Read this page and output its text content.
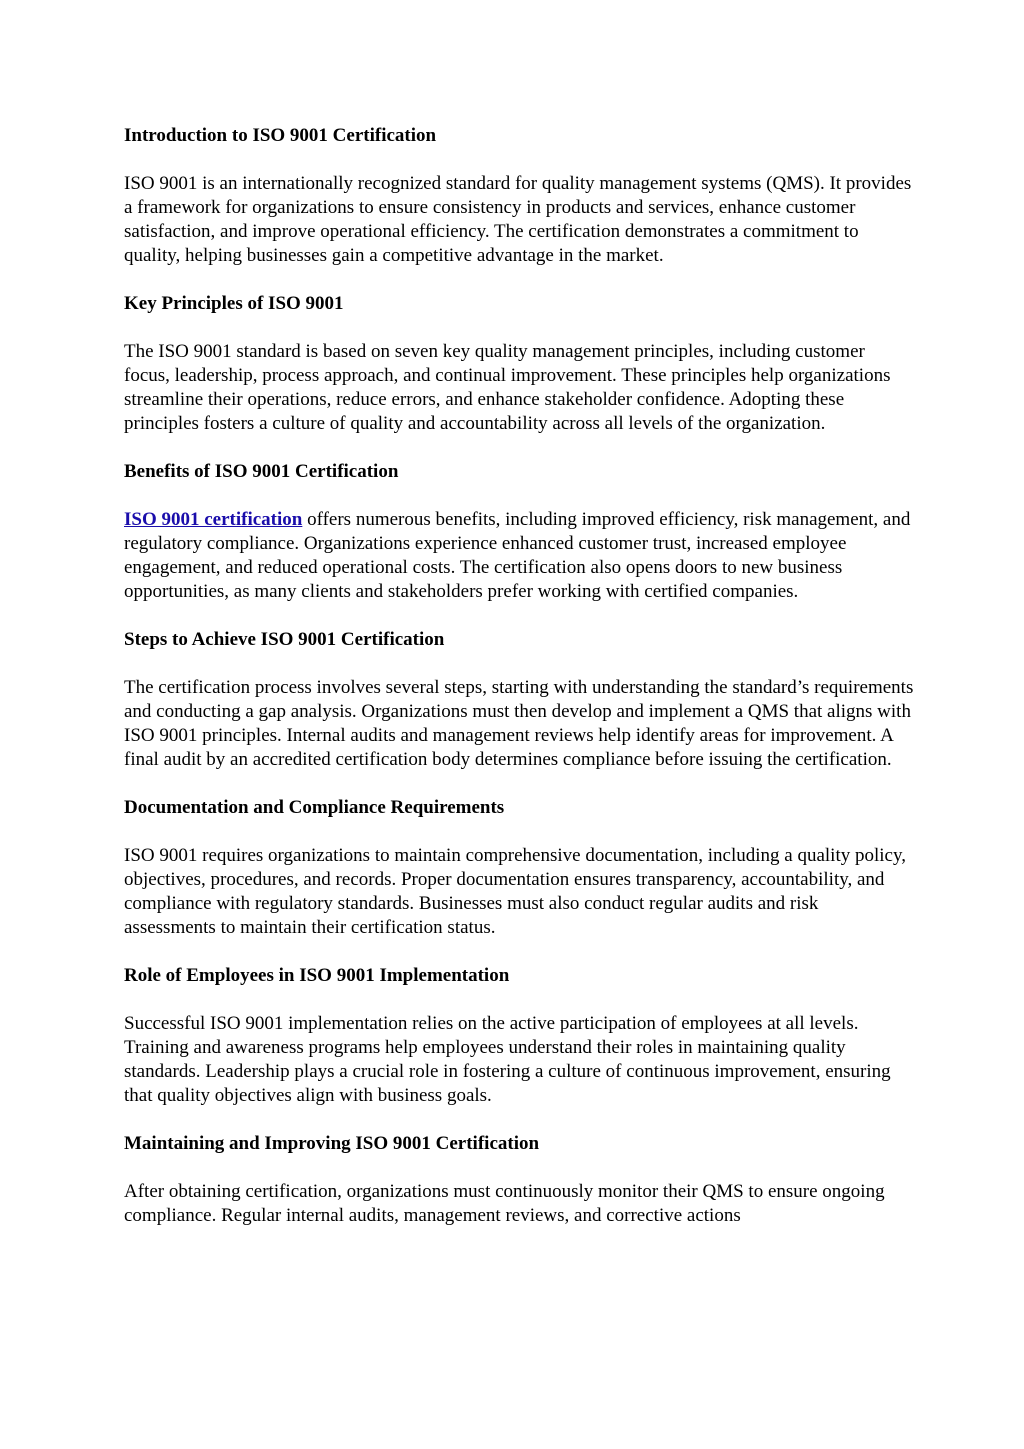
Introduction to ISO 9001 Certification

ISO 9001 is an internationally recognized standard for quality management systems (QMS). It provides a framework for organizations to ensure consistency in products and services, enhance customer satisfaction, and improve operational efficiency. The certification demonstrates a commitment to quality, helping businesses gain a competitive advantage in the market.

Key Principles of ISO 9001

The ISO 9001 standard is based on seven key quality management principles, including customer focus, leadership, process approach, and continual improvement. These principles help organizations streamline their operations, reduce errors, and enhance stakeholder confidence. Adopting these principles fosters a culture of quality and accountability across all levels of the organization.

Benefits of ISO 9001 Certification

ISO 9001 certification offers numerous benefits, including improved efficiency, risk management, and regulatory compliance. Organizations experience enhanced customer trust, increased employee engagement, and reduced operational costs. The certification also opens doors to new business opportunities, as many clients and stakeholders prefer working with certified companies.

Steps to Achieve ISO 9001 Certification

The certification process involves several steps, starting with understanding the standard’s requirements and conducting a gap analysis. Organizations must then develop and implement a QMS that aligns with ISO 9001 principles. Internal audits and management reviews help identify areas for improvement. A final audit by an accredited certification body determines compliance before issuing the certification.

Documentation and Compliance Requirements

ISO 9001 requires organizations to maintain comprehensive documentation, including a quality policy, objectives, procedures, and records. Proper documentation ensures transparency, accountability, and compliance with regulatory standards. Businesses must also conduct regular audits and risk assessments to maintain their certification status.

Role of Employees in ISO 9001 Implementation

Successful ISO 9001 implementation relies on the active participation of employees at all levels. Training and awareness programs help employees understand their roles in maintaining quality standards. Leadership plays a crucial role in fostering a culture of continuous improvement, ensuring that quality objectives align with business goals.

Maintaining and Improving ISO 9001 Certification

After obtaining certification, organizations must continuously monitor their QMS to ensure ongoing compliance. Regular internal audits, management reviews, and corrective actions
